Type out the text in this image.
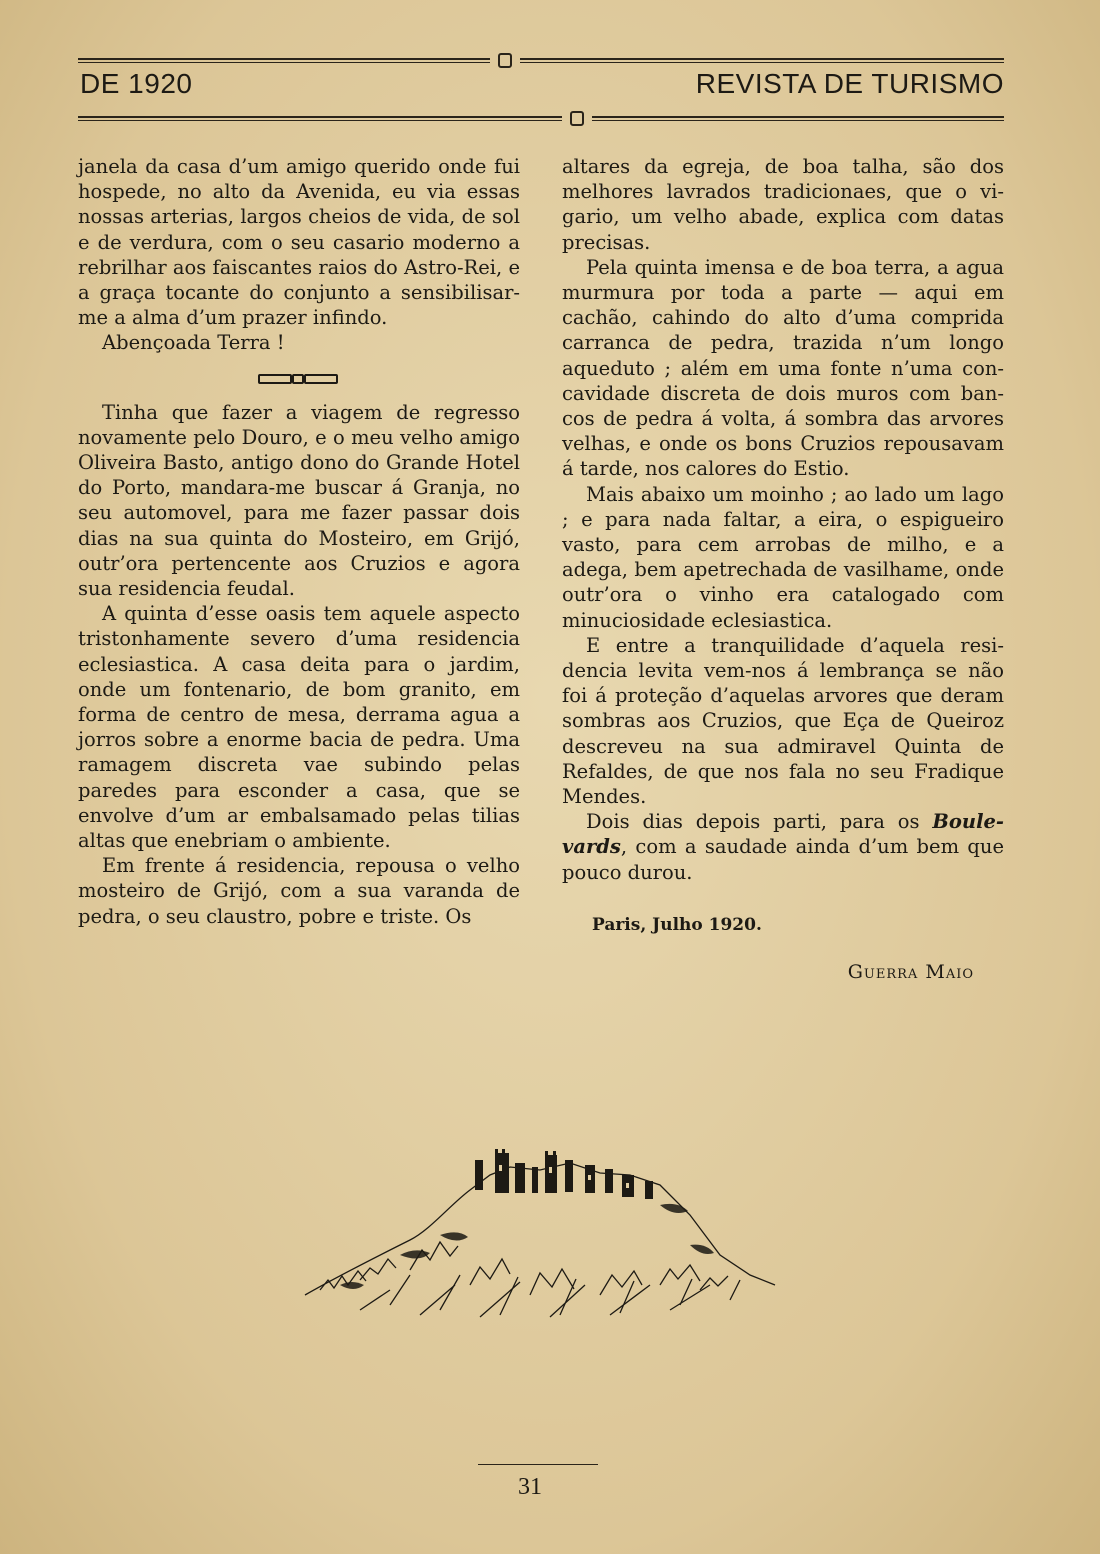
DE 1920	REVISTA DE TURISMO

janela da casa d’um amigo querido onde fui hospede, no alto da Avenida, eu via essas nossas arterias, largos cheios de vida, de sol e de verdura, com o seu casario moderno a rebrilhar aos faiscantes raios do Astro-Rei, e a graça tocante do conjunto a sensibilisar-me a alma d’um prazer infindo.

Abençoada Terra !

Tinha que fazer a viagem de regresso novamente pelo Douro, e o meu velho amigo Oliveira Basto, antigo dono do Grande Hotel do Porto, mandara-me buscar á Granja, no seu automovel, para me fazer passar dois dias na sua quinta do Mosteiro, em Grijó, outr’ora pertencente aos Cruzios e agora sua residencia feudal.

A quinta d’esse oasis tem aquele aspecto tristonhamente severo d’uma residencia eclesiastica. A casa deita para o jardim, onde um fontenario, de bom granito, em forma de centro de mesa, derrama agua a jorros sobre a enorme bacia de pedra. Uma ramagem discreta vae subindo pelas paredes para esconder a casa, que se envolve d’um ar embalsamado pelas tilias altas que enebriam o ambiente.

Em frente á residencia, repousa o velho mosteiro de Grijó, com a sua varanda de pedra, o seu claustro, pobre e triste. Os

altares da egreja, de boa talha, são dos melhores lavrados tradicionaes, que o vigario, um velho abade, explica com datas precisas.

Pela quinta imensa e de boa terra, a agua murmura por toda a parte — aqui em cachão, cahindo do alto d’uma comprida carranca de pedra, trazida n’um longo aqueduto ; além em uma fonte n’uma concavidade discreta de dois muros com bancos de pedra á volta, á sombra das arvores velhas, e onde os bons Cruzios repousavam á tarde, nos calores do Estio.

Mais abaixo um moinho ; ao lado um lago ; e para nada faltar, a eira, o espigueiro vasto, para cem arrobas de milho, e a adega, bem apetrechada de vasilhame, onde outr’ora o vinho era catalogado com minuciosidade eclesiastica.

E entre a tranquilidade d’aquela residencia levita vem-nos á lembrança se não foi á proteção d’aquelas arvores que deram sombras aos Cruzios, que Eça de Queiroz descreveu na sua admiravel Quinta de Refaldes, de que nos fala no seu Fradique Mendes.

Dois dias depois parti, para os Boulevards, com a saudade ainda d’um bem que pouco durou.

Paris, Julho 1920.
Guerra Maio
31
